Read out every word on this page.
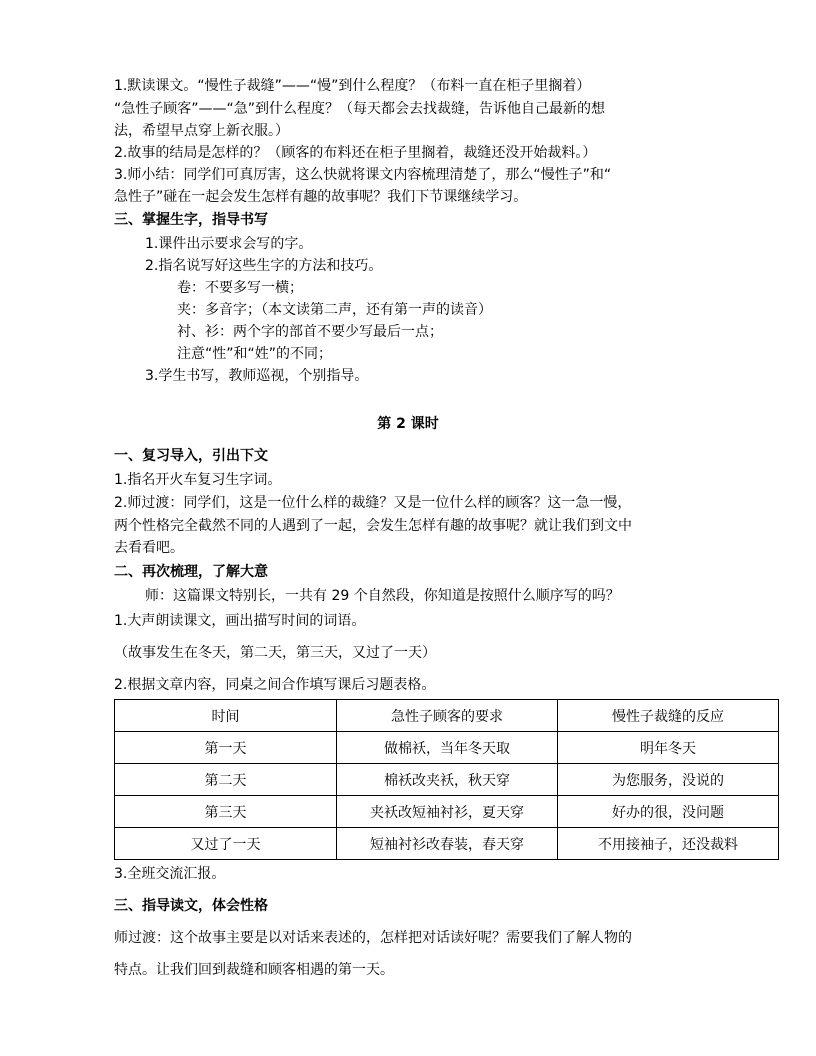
1.默读课文。“慢性子裁缝”——“慢”到什么程度？（布料一直在柜子里搁着）
“急性子顾客”——“急”到什么程度？（每天都会去找裁缝，告诉他自己最新的想
法，希望早点穿上新衣服。）
2.故事的结局是怎样的？（顾客的布料还在柜子里搁着，裁缝还没开始裁料。）
3.师小结：同学们可真厉害，这么快就将课文内容梳理清楚了，那么“慢性子”和“
急性子”碰在一起会发生怎样有趣的故事呢？我们下节课继续学习。
三、掌握生字，指导书写
1.课件出示要求会写的字。
2.指名说写好这些生字的方法和技巧。
卷：不要多写一横；
夹：多音字；（本文读第二声，还有第一声的读音）
衬、衫：两个字的部首不要少写最后一点；
注意“性”和“姓”的不同；
3.学生书写，教师巡视，个别指导。
第 2 课时
一、复习导入，引出下文
1.指名开火车复习生字词。
2.师过渡：同学们，这是一位什么样的裁缝？又是一位什么样的顾客？这一急一慢，
两个性格完全截然不同的人遇到了一起，会发生怎样有趣的故事呢？就让我们到文中
去看看吧。
二、再次梳理，了解大意
师：这篇课文特别长，一共有 29 个自然段，你知道是按照什么顺序写的吗？
1.大声朗读课文，画出描写时间的词语。
（故事发生在冬天，第二天，第三天，又过了一天）
2.根据文章内容，同桌之间合作填写课后习题表格。
时间	急性子顾客的要求	慢性子裁缝的反应
第一天	做棉袄，当年冬天取	明年冬天
第二天	棉袄改夹袄，秋天穿	为您服务，没说的
第三天	夹袄改短袖衬衫，夏天穿	好办的很，没问题
又过了一天	短袖衬衫改春装，春天穿	不用接袖子，还没裁料
3.全班交流汇报。
三、指导读文，体会性格
师过渡：这个故事主要是以对话来表述的，怎样把对话读好呢？需要我们了解人物的
特点。让我们回到裁缝和顾客相遇的第一天。
